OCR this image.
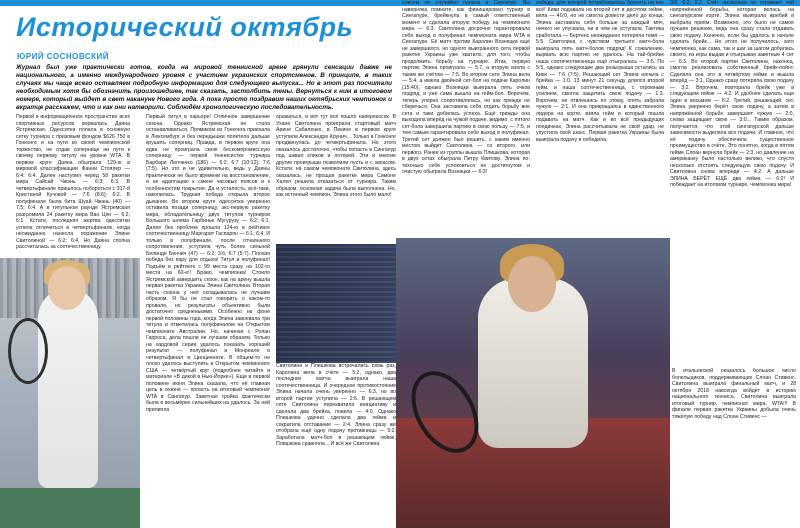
Исторический октябрь
ЮРИЙ СОСНОВСКИЙ
Журнал был уже практически готов, когда на мировой теннисной арене грянули сенсации давже не национального, а именно международного уровня с участием украинских спортсменов. В принципе, в таких случаях мы чаще всего оставляем подробную информацию для следующего выпуска... Но в этот раз посчитали необходимым хотя бы обозначить произошедшее, так сказать, застолбить темы. Вернуться к ним в итоговом номере, который выйдет в свет накануне Нового года. А пока просто поздравим наших октябрьских чемпионок и вкратце расскажем, что и как они натворили. Соблюдём хронологическую последовательность.
Первой в информационное пространство всех спортивных ресурсов ворвалась Даяна Ястремская. Одесситка попала в основную сетку турнира с призовым фондом $626 750 в Гонконге и на пути ко своей чемпионской торжество, не отдав сопернице ни пути к своему первому титулу на уровне WTA. В первом круге Даяна обыграла 129-ю в мировой классификации Фанни Стоялер — 6:4; 6:4. Далее наступил черёд 58 ракетки мира Сайсай Чжэнь — 6:3; 6:3. В четвертьфинале пришлось побороться с 317-й Кристиной Кучовой — 7:6 (8:6); 6:2. В полуфинале была бита Шуай Чжань (40) — 7:5; 6:4. А в титульном раунде Ястремская разгромила 24 ракетку мира Ван Цян — 6:2; 6:1. Кстати, последняя жертва одесситки успела отличиться в четвертьфинале, когда неожиданно нанесла поражение Элине Свитолиной — 6:2; 6:4. Но Даяна сполна рассчиталась за соотечественницу.
Первый титул в карьере! Отличное завершение сезона. Однако Ястремская не стала останавливаться. Прямиком из Гонконга приехала в Люксембург и без передышки полетела дальше крушить соперниц. Правда, в первом круге она едва не проиграла свою бескомпромиссную соперницу — первой теннисистке турнира Барбаре Лепченко (186) — 6:2; 6:7 (10:12); 7:6 (7:5). Но это и не удивительно, ведь у Даяны практически не было времени на восстановление, и не адаптацию к смене часовых поясов и к особенностям покрытия. Да и усталость, всё-таки, накопилась. Трудная победа открыла второе дыхание. Во втором круге одесситка уверенно оставила позади соперницу, экс-первую ракетку мира, обладательницу двух титулов турниров Большого шлема Гарбинье Мугурузу — 6:2; 6:1. Далее без проблем прошла 124-ю в рейтинге соотечественницу Маргарит Гаспарян — 6:1; 6:4. И только в полуфинале, после отчаянного сопротивления, уступила чуть более сильной Белинде Бенчич (47) — 6:2; 3:6; 6:7 (5:7). Плохая победа без пару для отдыха! Титул и полуфинал! Подъём в рейтинге с 99 места сразу на 102-го места на 60-е!! Браво, чемпионка! Стоило Ястремской завершить сезон, как на арену вышла первая ракетка Украины Элина Свитолина. Вторая часть сезона у неё складывалась не лучшим образом. Я бы не стал говорить о каком-то провале, но результаты объективно были достаточно средненькими. Особенно на фоне первой половины года, когда Элина завоевала три титула и отметилась полуфиналом на Открытом чемпионате Австралии. Но, начиная с Ролан Гарроса, дела пошли не лучшим образом. Только на хардовой серии удалось показать хороший результат — полуфинал в Монреале и четвертьфинал в Цинциннати. В общем-то не плохо удалось выступить и Открытом чемпионате США — четвёртый круг (подробнее читайте в материале «В дикой в Нью-Йорке»). Ещё в первой половине июня Элина сказала, что её главная цель в сезоне — попасть на итоговый чемпионат WTA в Сингапур. Заветная тройка фактически была в восьмёрке сильнейших на удалось. За ней прилипла
оражаться, и вот тут всё пошло наперекосяк. В Ухане Свитолина проиграла стартовый матч Арине Сабаленко, в Пекине в первом круге уступила Александре Крунич... Только в Гонконге продвинулась до четвертьфинала. Но этого оказалось достаточно, чтобы попасть в Сингапур под шквал кликов и лотерей. Эти и многие другие проигрыши позволили пусть и с запасом. Кстати, на самом чемпионате Свитолина, здесь оказалась, не прощая ракетке мира Симоне Халеп решила отказаться от турнира. Таким образом, основная задача была выполнена. Но, как истинный чемпион, Элина этого было мало!
совсем не случайно попала в Сингапур. Вы наверняка помните, как финишировал турнир в Сингапуре, брейкнула в самый ответственный момент и сделала вторую победу на чемпионате мира — 6:3. Свитолина досрочно гарантировала себе выход в полуфинал чемпионата мира WTA в Сингапуре. Её матч против Каролин Возняцки ещё не завершился, но одного выигранного сета первой ракетке Украины уже хватило, для того, чтобы продолжить борьбу на турнире. Итак, первую партию Элина проиграла — 5:7, а вторую взяла с таким же счётом — 7:5. Во втором сете Элина вела — 5:4, а имела двойной сет-бол на подаче Каролин (15:40), однако Возняцки выиграла пять очков подряд, и уже сама вышла на гейм-бол. Впрочем, теперь упорно сопротивлялась, но как прежде не сберечься. Она заставила себя отдать борьбу вне сета и таки добилась успеха. Ещё трижды она выходила вперёд на чужой подаче, видимо, с пятого сет-бола завершила партию в свою пользу — 7:5, и тем самым гарантировала себе выход в полуфинал. Третий сет должен был решить, с каким именно местом выйдет Свитолина — со второго, или первого. Ранее из группы вышла Плишкова, которая в двух сетах обыграла Петру Квитову. Элина по-тихонько себе успокоиться не достигнутом и очистую обыграла Возняцки — 6:3!
победа, для которой потребовалось бросить на кон всё! Киви подавала на второй сет в десятом гейме, вела — 40:0, но не смогла довести дело до конца. Элина заставила себя больше за каждый мяч, ничего не упускала, ни в чём не уступала. Тактика сработала — Бертенс неожиданно потеряла темп — 5:5. Свитолина с чувством третьего матч-бола выиграла пять матч-болов подряд! К сожалению, вырвать всю партию не удалось. На тай-брейке наша соотечественница ещё отыгралась — 3:5. По 5:5, однако следующие два розыгрыша остались за Кики — 7:6 (7:5). Решающий сет Элина начала с брейка — 1:0. 13 минут 21 секунду длился второй гейм, и наша соотечественница, с огромным усилием, смогла защитить свою подачу — 1:3. Впрочем, не отвлекаясь по этому, опять забрала чужую — 2:1. И она превращаясь в единственного лидера на корте, взяла гейм и который пошла подавать на матч. Как и во всё предыдущих поединках, Элина рассчитывала не свой удар, не упустила свой шанс. Первая ракетка Украины была выиграла подачу и победила.
3/6; 6:2; 6:2. Счёт нисколько не отражает той напряжённой борьбы, которая велась на сингапурском корте. Элина выиграла жребий и выбрала приём. Возможно, это было не самое лучшее решение, ведь она сразу стала отдавать свою подачу. Конечно, если бы удалось в начале сделать брейк... Но этого не получилось, зато чемпионка, как сама, так и шаг за шагом добилась своего, из игры выдав и отыгрывая заветные 4 сет — 6:3. Во второй партии Свитолина, наконец, смогла реализовать собственный брейк-пойнт. Сделала она это в четвёртом гейме и вышла вперёд — 3:1. Однако сразу потеряла свою подачу — 3:2. Впрочем, повторила брейк уже в следующем гейме — 4:2. И удобнее сделать еще один в восьмом — 6:2. Третий, решающий, сет. Элина уверенно берёт свою подачу, а затем в напряжённой борьбе завершает чужую — 2:0, снова защищает свою — 3:0... Таким образом, получается, что этой сингапурской дальше зависимости выделяла все подачи. И главное, что её подачу обеспечила существенное преимущество в счёте. Это понятно, когда в пятом гейме Слоан вернула брейк — 2:3, но давление на американку было настолько велико, что спустя несколько отстоять следующую свою подачу. И Свитолина снова впереди — 4:2. А дальше ЭЛИНА БЕРЁТ ЕЩЁ два гейма — 6:2! И побеждает на итоговом турнире, чемпионка мира!
Свитолина и Плишкова встречались семь раз, Каролина вела в счёте — 5:2, однако, два последних матча выиграла наша соотечественница. И очередное противостояние Элина начала очень уверенно — 6:3, но во второй партии уступила — 2:6. В решающем сете Свитолина перехватила инициативу и сделала два брейка, повела — 4:0. Однако Плишкова удачно сделала два гейма и сократила отставание — 2:4. Элина сразу же отобрала ещё одну подачу противницы — 5:2. Заработала матч-бол в решающем гейме, Плишкова сравняла... И всё же Свитолина
В итальянской оказалось большое число болельщиков, поддерживающих Слоан Стивенс. Свитолина выиграла финальный матч, и 28 октября 2018 навсегда войдёт в историю национального тенниса. Свитолина выиграла итоговый турнир, чемпионат мира, WTA!!! В финале первая ракетка Украины добыла очень тяжёлую победу над Слоан Стивенс —
